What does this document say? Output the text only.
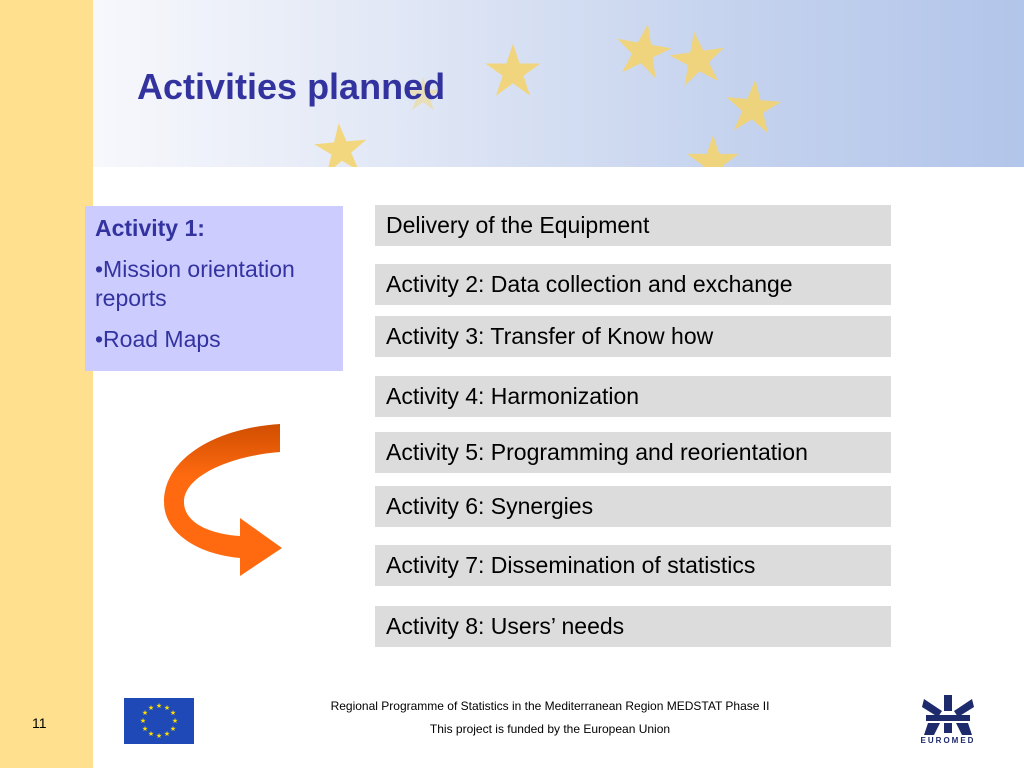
Activities planned
Activity 1:
•Mission orientation reports
•Road Maps
Delivery of the Equipment
Activity 2: Data collection and exchange
Activity 3: Transfer of Know how
Activity 4: Harmonization
Activity 5: Programming and reorientation
Activity 6: Synergies
Activity 7: Dissemination of statistics
Activity 8: Users’ needs
11
★ ★
★
★
★
★
★
★
★
★
★
★	Regional Programme of Statistics in the Mediterranean Region MEDSTAT Phase II
This project is funded by the European Union
EUROMED
